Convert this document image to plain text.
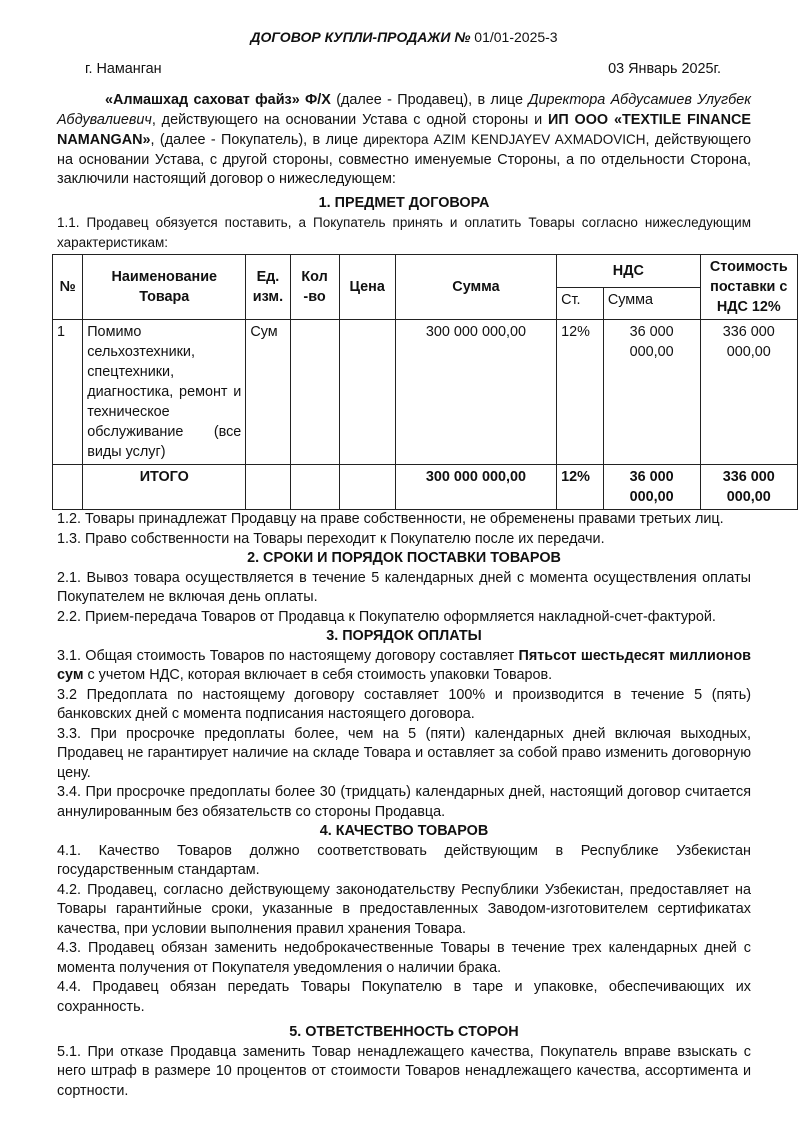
ДОГОВОР КУПЛИ-ПРОДАЖИ № 01/01-2025-3
г. Наманган	03 Январь 2025г.

«Алмашхад саховат файз» Ф/Х (далее - Продавец), в лице Директора Абдусамиев Улугбек Абдувалиевич, действующего на основании Устава с одной стороны и ИП ООО «TEXTILE FINANCE NAMANGAN», (далее - Покупатель), в лице директора AZIM KENDJAYEV AXMADOVICH, действующего на основании Устава, с другой стороны, совместно именуемые Стороны, а по отдельности Сторона, заключили настоящий договор о нижеследующем:

1. ПРЕДМЕТ ДОГОВОРА

1.1. Продавец обязуется поставить, а Покупатель принять и оплатить Товары согласно нижеследующим характеристикам:

№	Наименование Товара	Ед. изм.	Кол -во	Цена	Сумма	НДС		Стоимость поставки с НДС 12%
						Ст.	Сумма	
1	Помимо сельхозтехники, спецтехники, диагностика, ремонт и техническое обслуживание (все виды услуг)	Сум			300 000 000,00	12%	36 000 000,00	336 000 000,00
	ИТОГО				300 000 000,00	12%	36 000 000,00	336 000 000,00

1.2. Товары принадлежат Продавцу на праве собственности, не обременены правами третьих лиц.

1.3. Право собственности на Товары переходит к Покупателю после их передачи.

2. СРОКИ И ПОРЯДОК ПОСТАВКИ ТОВАРОВ

2.1. Вывоз товара осуществляется в течение 5 календарных дней с момента осуществления оплаты Покупателем не включая день оплаты.

2.2. Прием-передача Товаров от Продавца к Покупателю оформляется накладной-счет-фактурой.

3. ПОРЯДОК ОПЛАТЫ

3.1. Общая стоимость Товаров по настоящему договору составляет Пятьсот шестьдесят миллионов сум с учетом НДС, которая включает в себя стоимость упаковки Товаров.

3.2 Предоплата по настоящему договору составляет 100% и производится в течение 5 (пять) банковских дней с момента подписания настоящего договора.

3.3. При просрочке предоплаты более, чем на 5 (пяти) календарных дней включая выходных, Продавец не гарантирует наличие на складе Товара и оставляет за собой право изменить договорную цену.

3.4. При просрочке предоплаты более 30 (тридцать) календарных дней, настоящий договор считается аннулированным без обязательств со стороны Продавца.

4. КАЧЕСТВО ТОВАРОВ

4.1. Качество Товаров должно соответствовать действующим в Республике Узбекистан государственным стандартам.

4.2. Продавец, согласно действующему законодательству Республики Узбекистан, предоставляет на Товары гарантийные сроки, указанные в предоставленных Заводом-изготовителем сертификатах качества, при условии выполнения правил хранения Товара.

4.3. Продавец обязан заменить недоброкачественные Товары в течение трех календарных дней с момента получения от Покупателя уведомления о наличии брака.

4.4. Продавец обязан передать Товары Покупателю в таре и упаковке, обеспечивающих их сохранность.

5. ОТВЕТСТВЕННОСТЬ СТОРОН

5.1. При отказе Продавца заменить Товар ненадлежащего качества, Покупатель вправе взыскать с него штраф в размере 10 процентов от стоимости Товаров ненадлежащего качества, ассортимента и сортности.
